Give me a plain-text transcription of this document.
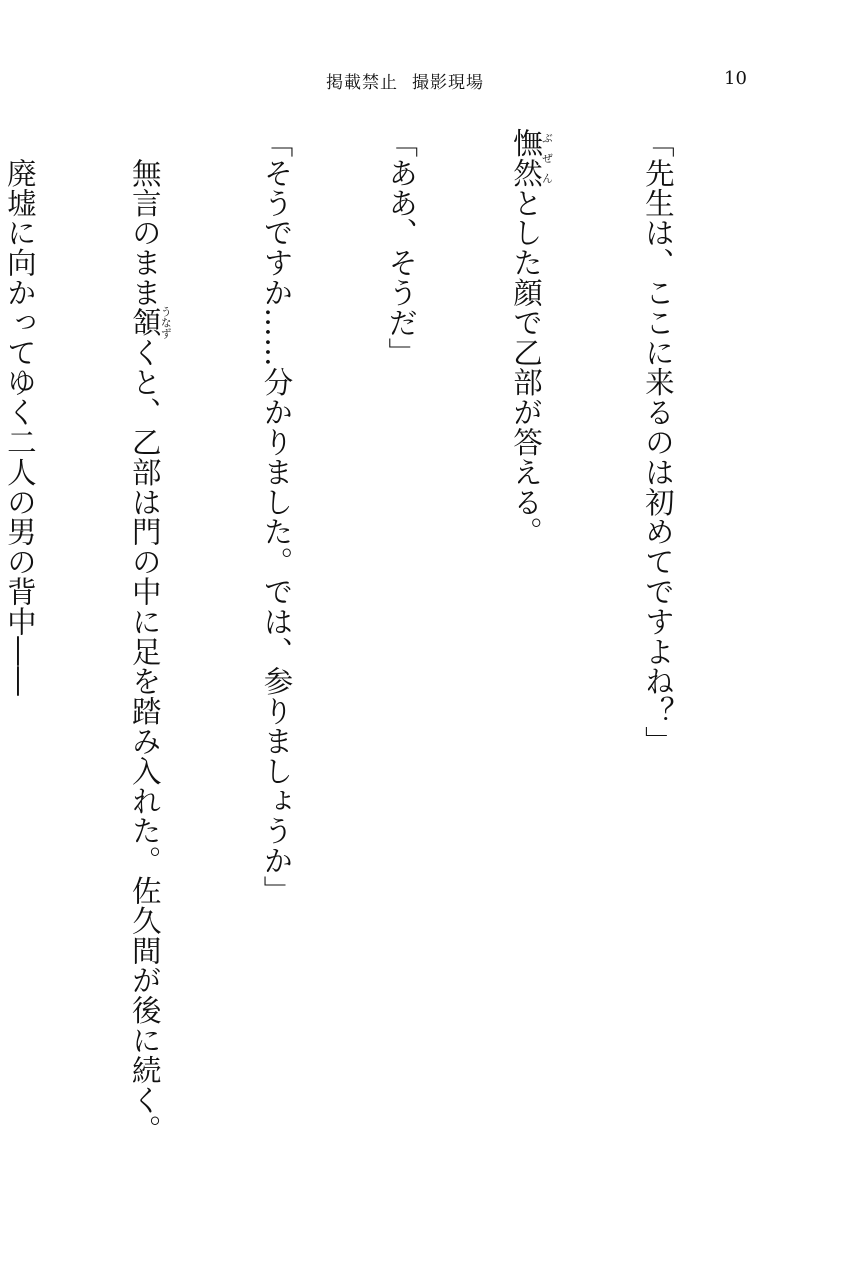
掲載禁止 撮影現場	10

「先生は、ここに来るのは初めてですよね？」

憮然ぶぜんとした顔で乙部が答える。

「ああ、そうだ」

「そうですか……分かりました。では、参りましょうか」

　無言のまま頷うなずくと、乙部は門の中に足を踏み入れた。佐久間が後に続く。

　廃墟に向かってゆく二人の男の背中――
